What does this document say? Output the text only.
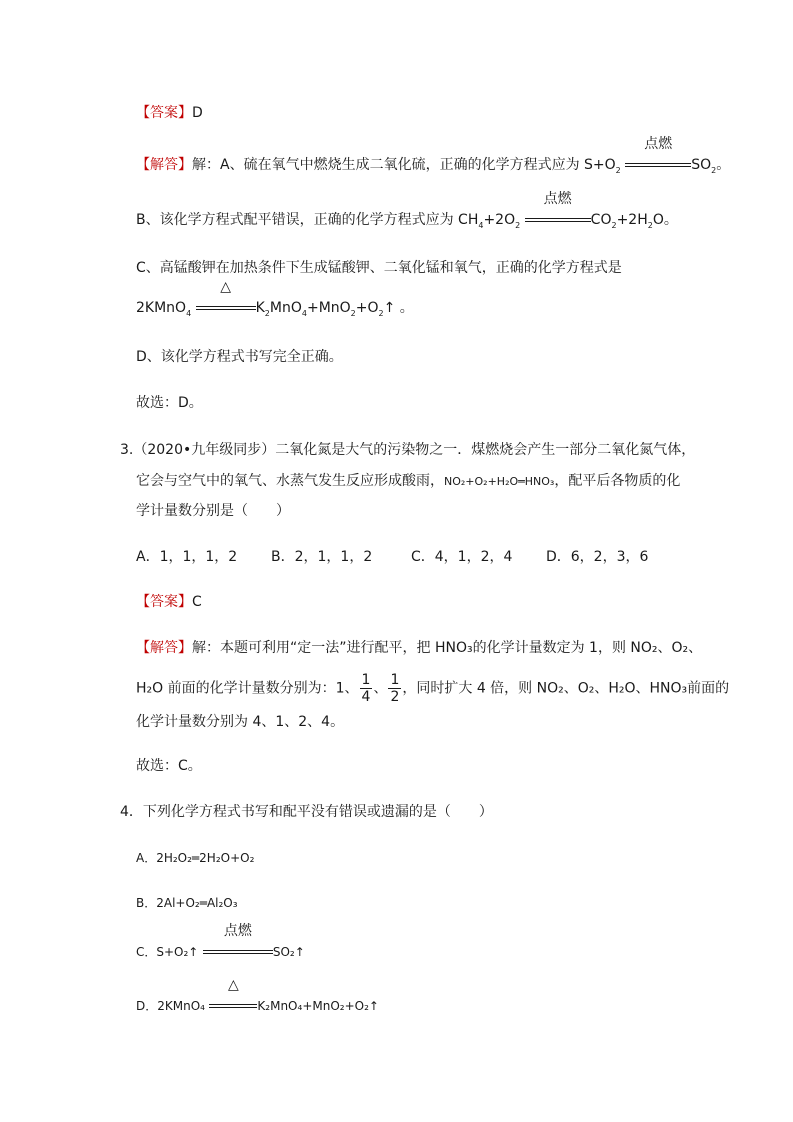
【答案】D
【解答】解：A、硫在氧气中燃烧生成二氧化硫，正确的化学方程式应为 $S+O_2$
点燃
$SO_2$。
B、该化学方程式配平错误，正确的化学方程式应为 $CH_4+2O_2$
点燃
$CO_2+2H_2O$。
C、高锰酸钾在加热条件下生成锰酸钾、二氧化锰和氧气，正确的化学方程式是
2KMnO$_4$
△
$K_2MnO_4+MnO_2+O_2↑$ 。
D、该化学方程式书写完全正确。
故选：D。
3.（2020•九年级同步）二氧化氮是大气的污染物之一．煤燃烧会产生一部分二氧化氮气体，
它会与空气中的氧气、水蒸气发生反应形成酸雨，NO₂+O₂+H₂O═HNO₃，配平后各物质的化
学计量数分别是（　　）
A．1，1，1，2 B．2，1，1，2	C．4，1，2，4 D．6，2，3，6
【答案】C
【解答】解：本题可利用“定一法”进行配平，把 HNO₃的化学计量数定为 1，则 NO₂、O₂、
H₂O 前面的化学计量数分别为：1、 $\frac{1}{4}$ 、 $\frac{1}{2}$ ，同时扩大 4 倍，则 NO₂、O₂、H₂O、HNO₃前面的
化学计量数分别为 4、1、2、4。
故选：C。
4．下列化学方程式书写和配平没有错误或遗漏的是（　　）
A．2H₂O₂═2H₂O+O₂
B．2Al+O₂═Al₂O₃
C．S+O₂↑
点燃
SO₂↑
D．2KMnO₄
△
K₂MnO₄+MnO₂+O₂↑
